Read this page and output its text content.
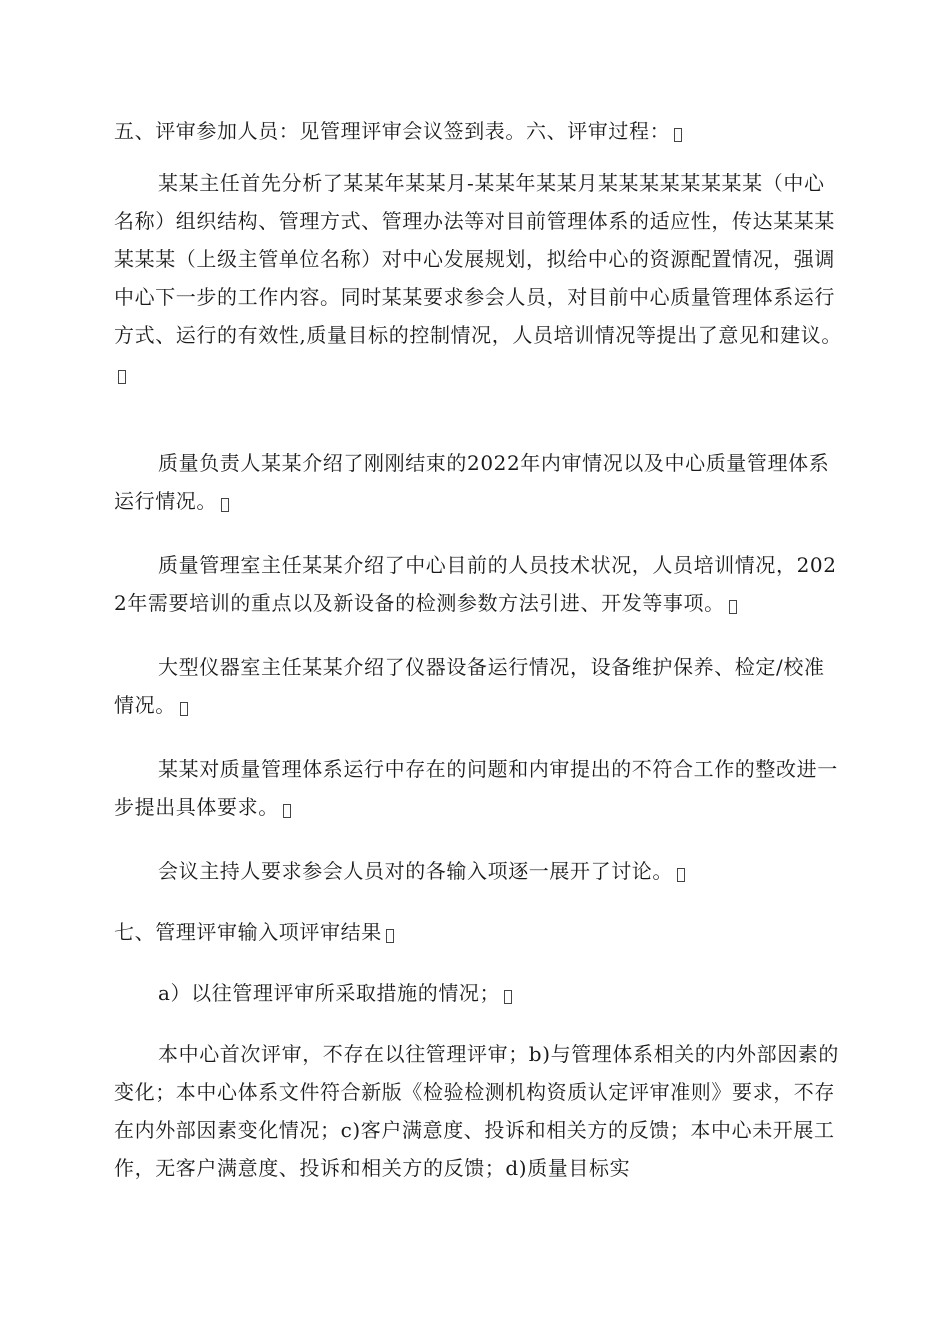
五、评审参加人员：见管理评审会议签到表。六、评审过程：

某某主任首先分析了某某年某某月-某某年某某月某某某某某某某某（中心名称）组织结构、管理方式、管理办法等对目前管理体系的适应性，传达某某某某某某（上级主管单位名称）对中心发展规划，拟给中心的资源配置情况，强调中心下一步的工作内容。同时某某要求参会人员，对目前中心质量管理体系运行方式、运行的有效性,质量目标的控制情况，人员培训情况等提出了意见和建议。

质量负责人某某介绍了刚刚结束的2022年内审情况以及中心质量管理体系运行情况。

质量管理室主任某某介绍了中心目前的人员技术状况，人员培训情况，2022年需要培训的重点以及新设备的检测参数方法引进、开发等事项。

大型仪器室主任某某介绍了仪器设备运行情况，设备维护保养、检定/校准情况。

某某对质量管理体系运行中存在的问题和内审提出的不符合工作的整改进一步提出具体要求。

会议主持人要求参会人员对的各输入项逐一展开了讨论。

七、管理评审输入项评审结果

a）以往管理评审所采取措施的情况；

本中心首次评审，不存在以往管理评审；b)与管理体系相关的内外部因素的变化；本中心体系文件符合新版《检验检测机构资质认定评审准则》要求，不存在内外部因素变化情况；c)客户满意度、投诉和相关方的反馈；本中心未开展工作，无客户满意度、投诉和相关方的反馈；d)质量目标实
